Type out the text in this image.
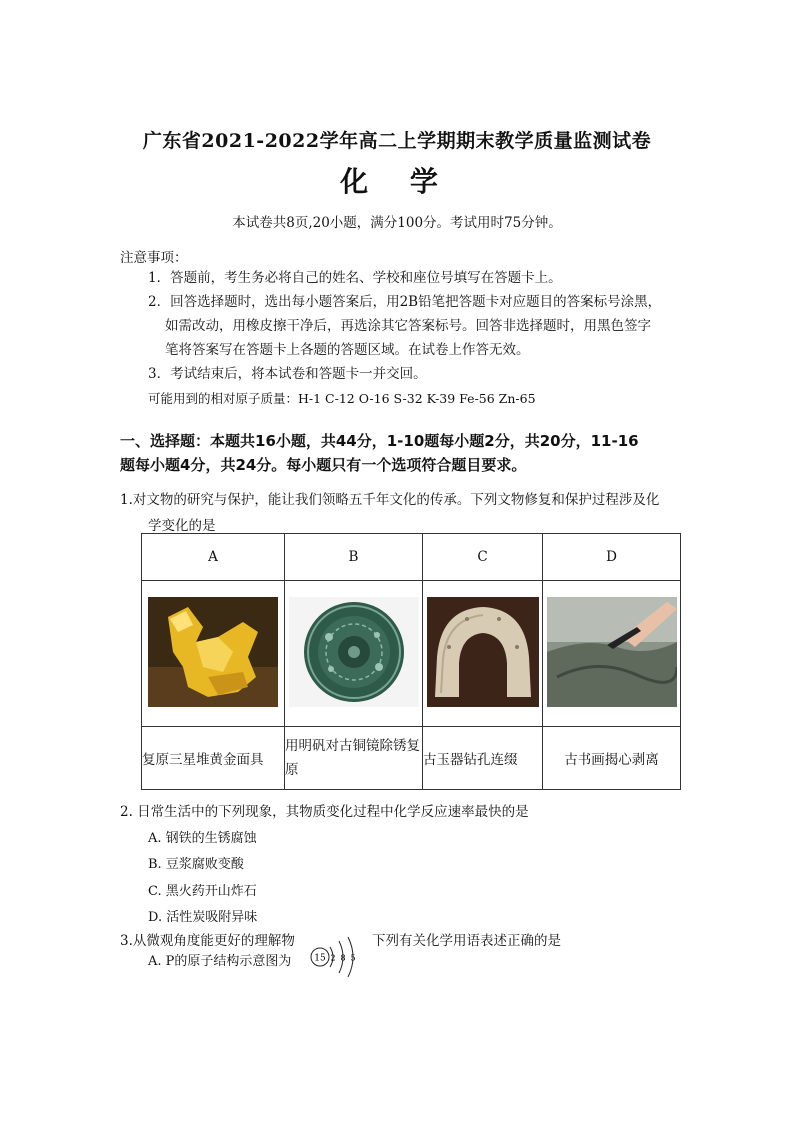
广东省2021-2022学年高二上学期期末教学质量监测试卷
化 学
本试卷共8页,20小题，满分100分。考试用时75分钟。
注意事项：
1．答题前，考生务必将自己的姓名、学校和座位号填写在答题卡上。
2．回答选择题时，选出每小题答案后，用2B铅笔把答题卡对应题目的答案标号涂黑，
如需改动，用橡皮擦干净后，再选涂其它答案标号。回答非选择题时，用黑色签字
笔将答案写在答题卡上各题的答题区域。在试卷上作答无效。
3．考试结束后，将本试卷和答题卡一并交回。
可能用到的相对原子质量：H-1 C-12 O-16 S-32 K-39 Fe-56 Zn-65
一、选择题：本题共16小题，共44分，1-10题每小题2分，共20分，11-16
题每小题4分，共24分。每小题只有一个选项符合题目要求。
1.对文物的研究与保护，能让我们领略五千年文化的传承。下列文物修复和保护过程涉及化
学变化的是
A	B	C	D

复原三星堆黄金面具	用明矾对古铜镜除锈复原	古玉器钻孔连缀	古书画揭心剥离
2. 日常生活中的下列现象，其物质变化过程中化学反应速率最快的是
A. 钢铁的生锈腐蚀
B. 豆浆腐败变酸
C. 黑火药开山炸石
D. 活性炭吸附异味
3.从微观角度能更好的理解物	下列有关化学用语表述正确的是
A. P的原子结构示意图为	15 2 8 5
